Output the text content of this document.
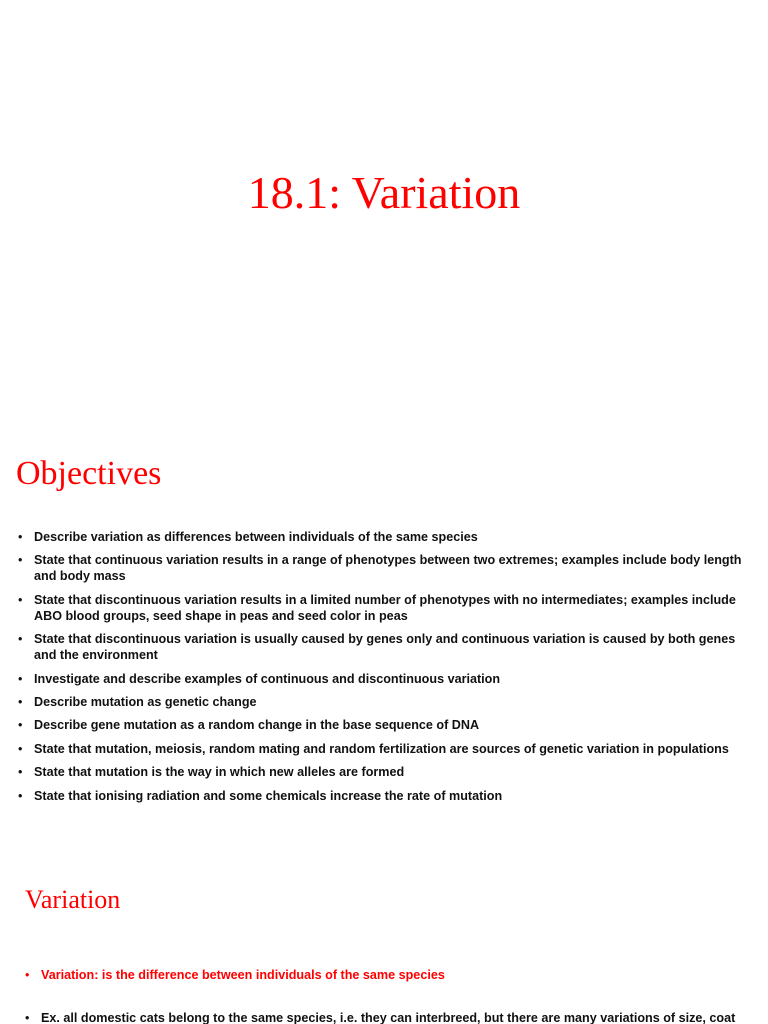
18.1: Variation
Objectives
• Describe variation as differences between individuals of the same species
• State that continuous variation results in a range of phenotypes between two extremes; examples include body length and body mass
• State that discontinuous variation results in a limited number of phenotypes with no intermediates; examples include ABO blood groups, seed shape in peas and seed color in peas
• State that discontinuous variation is usually caused by genes only and continuous variation is caused by both genes and the environment
• Investigate and describe examples of continuous and discontinuous variation
• Describe mutation as genetic change
• Describe gene mutation as a random change in the base sequence of DNA
• State that mutation, meiosis, random mating and random fertilization are sources of genetic variation in populations
• State that mutation is the way in which new alleles are formed
• State that ionising radiation and some chemicals increase the rate of mutation
Variation
• Variation: is the difference between individuals of the same species
• Ex. all domestic cats belong to the same species, i.e. they can interbreed, but there are many variations of size, coat
